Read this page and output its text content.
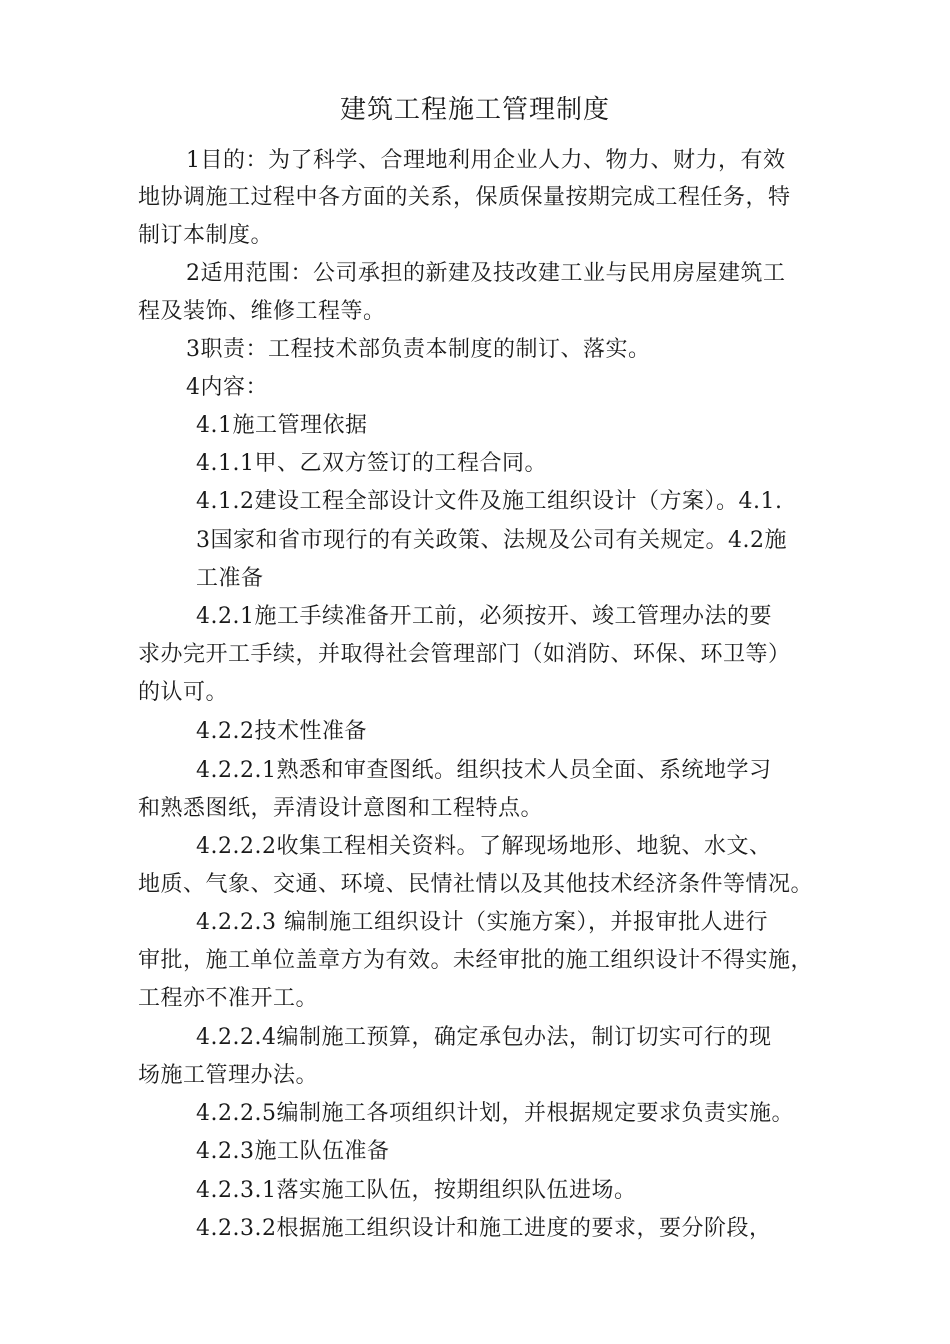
建筑工程施工管理制度
1目的：为了科学、合理地利用企业人力、物力、财力，有效
地协调施工过程中各方面的关系，保质保量按期完成工程任务，特
制订本制度。
2适用范围：公司承担的新建及技改建工业与民用房屋建筑工
程及装饰、维修工程等。
3职责：工程技术部负责本制度的制订、落实。
4内容：
4.1施工管理依据
4.1.1甲、乙双方签订的工程合同。
4.1.2建设工程全部设计文件及施工组织设计（方案）。4.1.
3国家和省市现行的有关政策、法规及公司有关规定。4.2施
工准备
4.2.1施工手续准备开工前，必须按开、竣工管理办法的要
求办完开工手续，并取得社会管理部门（如消防、环保、环卫等）
的认可。
4.2.2技术性准备
4.2.2.1熟悉和审查图纸。组织技术人员全面、系统地学习
和熟悉图纸，弄清设计意图和工程特点。
4.2.2.2收集工程相关资料。了解现场地形、地貌、水文、
地质、气象、交通、环境、民情社情以及其他技术经济条件等情况。
4.2.2.3 编制施工组织设计（实施方案），并报审批人进行
审批，施工单位盖章方为有效。未经审批的施工组织设计不得实施，
工程亦不准开工。
4.2.2.4编制施工预算，确定承包办法，制订切实可行的现
场施工管理办法。
4.2.2.5编制施工各项组织计划，并根据规定要求负责实施。
4.2.3施工队伍准备
4.2.3.1落实施工队伍，按期组织队伍进场。
4.2.3.2根据施工组织设计和施工进度的要求，要分阶段，
